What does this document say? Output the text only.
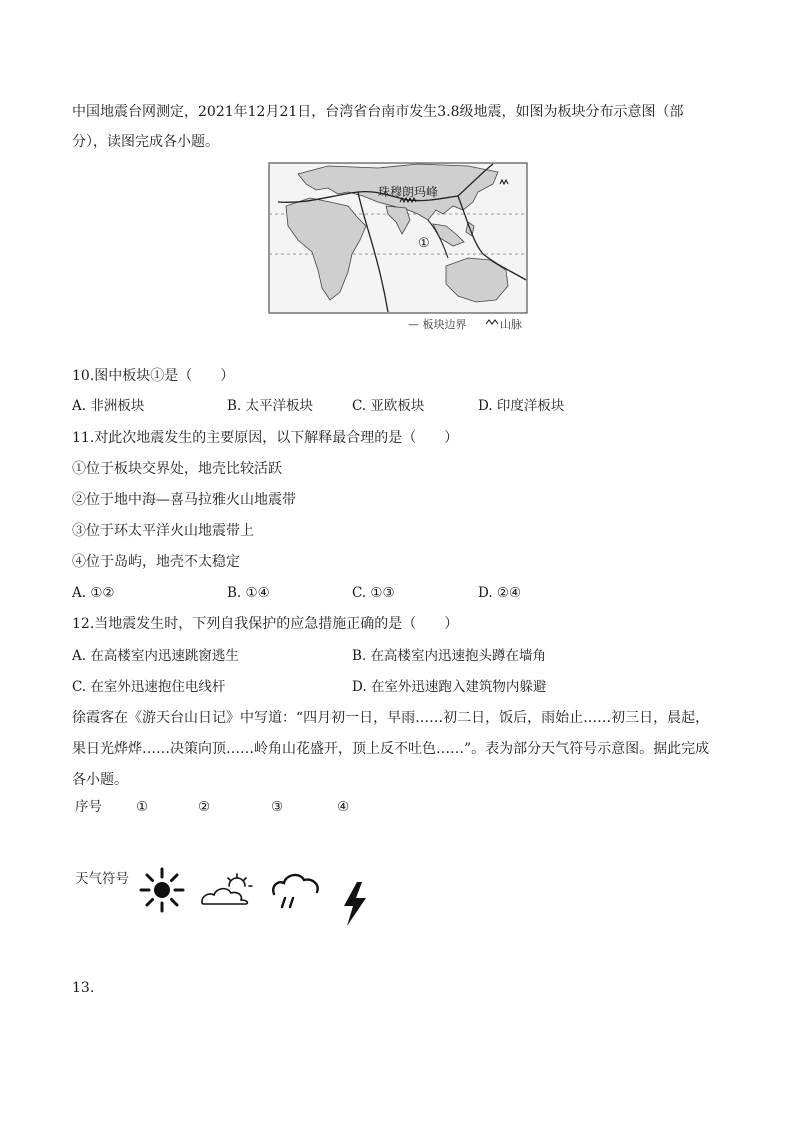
中国地震台网测定，2021年12月21日，台湾省台南市发生3.8级地震，如图为板块分布示意图（部
分），读图完成各小题。
珠穆朗玛峰
①
— 板块边界	山脉
10.图中板块①是（　　）
A. 非洲板块	B. 太平洋板块	C. 亚欧板块	D. 印度洋板块
11.对此次地震发生的主要原因，以下解释最合理的是（　　）
①位于板块交界处，地壳比较活跃
②位于地中海—喜马拉雅火山地震带
③位于环太平洋火山地震带上
④位于岛屿，地壳不太稳定
A. ①②	B. ①④	C. ①③	D. ②④
12.当地震发生时，下列自我保护的应急措施正确的是（　　）
A. 在高楼室内迅速跳窗逃生	B. 在高楼室内迅速抱头蹲在墙角
C. 在室外迅速抱住电线杆	D. 在室外迅速跑入建筑物内躲避
徐霞客在《游天台山日记》中写道：“四月初一日，早雨……初二日，饭后，雨始止……初三日，晨起，
果日光烨烨……决策向顶……岭角山花盛开，顶上反不吐色……”。表为部分天气符号示意图。据此完成
各小题。
序号	①	②	③	④
天气符号
13.
